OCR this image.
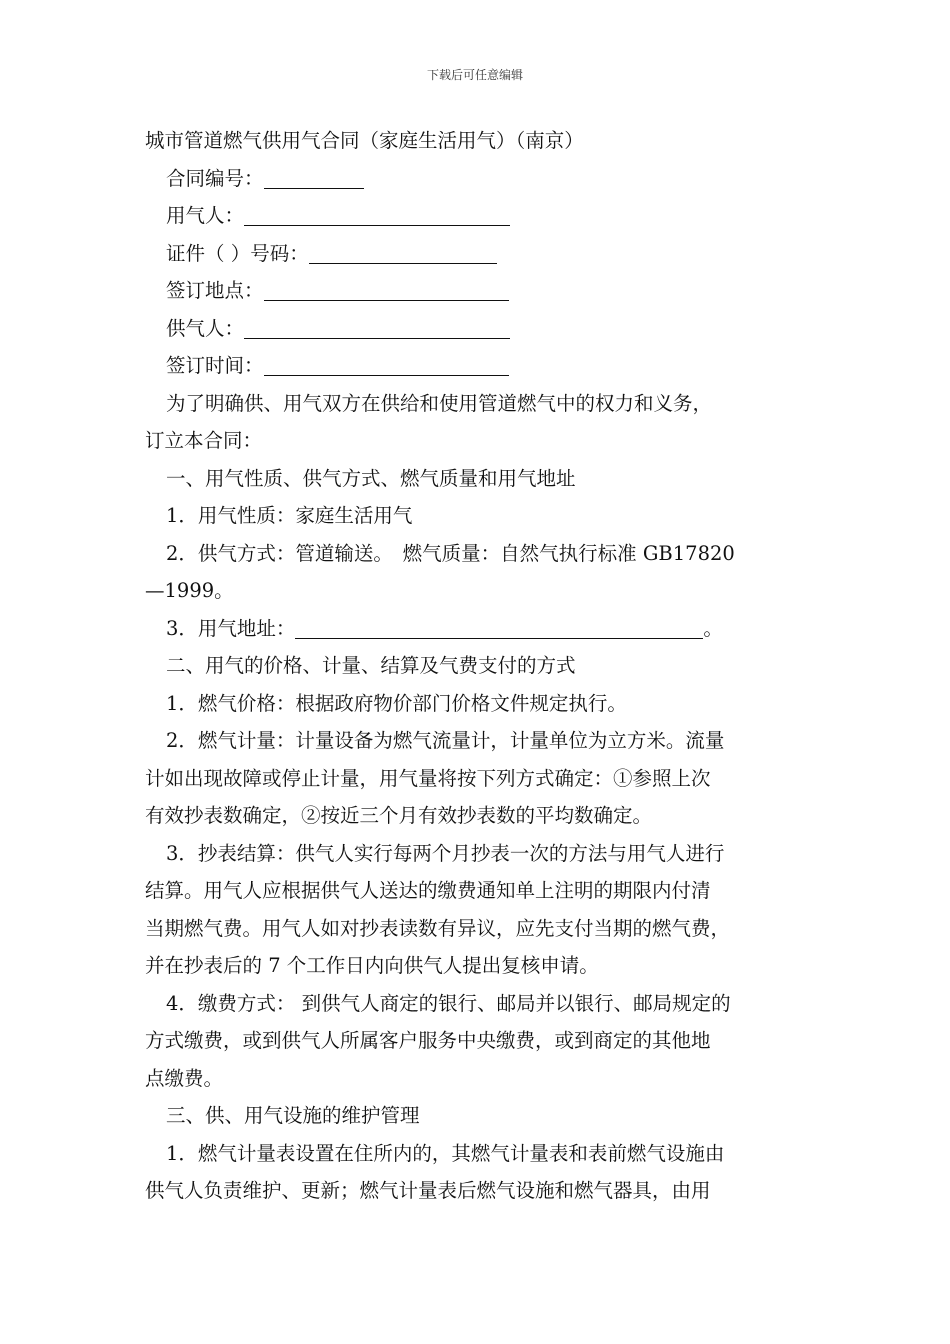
下载后可任意编辑
城市管道燃气供用气合同（家庭生活用气）（南京）
合同编号：
用气人：
证件（ ）号码：
签订地点：
供气人：
签订时间：
为了明确供、用气双方在供给和使用管道燃气中的权力和义务，
订立本合同：
一、用气性质、供气方式、燃气质量和用气地址
1．用气性质：家庭生活用气
2．供气方式：管道输送。　燃气质量：自然气执行标准 GB17820
—1999。
3．用气地址：	。
二、用气的价格、计量、结算及气费支付的方式
1．燃气价格：根据政府物价部门价格文件规定执行。
2．燃气计量：计量设备为燃气流量计，计量单位为立方米。流量
计如出现故障或停止计量，用气量将按下列方式确定：①参照上次
有效抄表数确定，②按近三个月有效抄表数的平均数确定。
3．抄表结算：供气人实行每两个月抄表一次的方法与用气人进行
结算。用气人应根据供气人送达的缴费通知单上注明的期限内付清
当期燃气费。用气人如对抄表读数有异议，应先支付当期的燃气费，
并在抄表后的 7 个工作日内向供气人提出复核申请。
4．缴费方式： 到供气人商定的银行、邮局并以银行、邮局规定的
方式缴费，或到供气人所属客户服务中央缴费，或到商定的其他地
点缴费。
三、供、用气设施的维护管理
1．燃气计量表设置在住所内的，其燃气计量表和表前燃气设施由
供气人负责维护、更新；燃气计量表后燃气设施和燃气器具，由用
